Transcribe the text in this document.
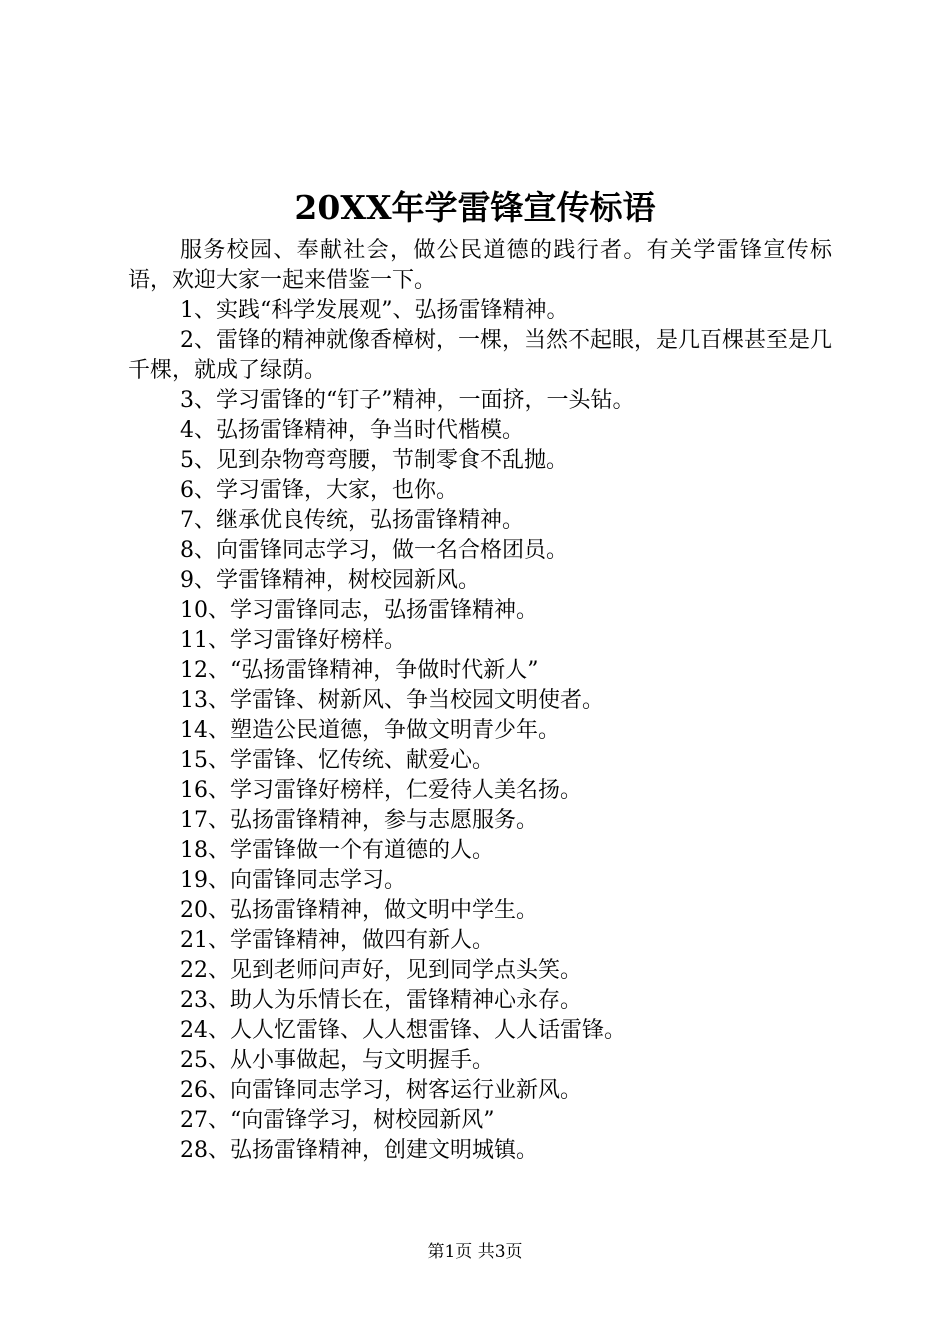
20XX年学雷锋宣传标语

服务校园、奉献社会，做公民道德的践行者。有关学雷锋宣传标语，欢迎大家一起来借鉴一下。

1、实践“科学发展观”、弘扬雷锋精神。
2、雷锋的精神就像香樟树，一棵，当然不起眼，是几百棵甚至是几千棵，就成了绿荫。
3、学习雷锋的“钉子”精神，一面挤，一头钻。
4、弘扬雷锋精神，争当时代楷模。
5、见到杂物弯弯腰，节制零食不乱抛。
6、学习雷锋，大家，也你。
7、继承优良传统，弘扬雷锋精神。
8、向雷锋同志学习，做一名合格团员。
9、学雷锋精神，树校园新风。
10、学习雷锋同志，弘扬雷锋精神。
11、学习雷锋好榜样。
12、“弘扬雷锋精神，争做时代新人”
13、学雷锋、树新风、争当校园文明使者。
14、塑造公民道德，争做文明青少年。
15、学雷锋、忆传统、献爱心。
16、学习雷锋好榜样，仁爱待人美名扬。
17、弘扬雷锋精神，参与志愿服务。
18、学雷锋做一个有道德的人。
19、向雷锋同志学习。
20、弘扬雷锋精神，做文明中学生。
21、学雷锋精神，做四有新人。
22、见到老师问声好，见到同学点头笑。
23、助人为乐情长在，雷锋精神心永存。
24、人人忆雷锋、人人想雷锋、人人话雷锋。
25、从小事做起，与文明握手。
26、向雷锋同志学习，树客运行业新风。
27、“向雷锋学习，树校园新风”
28、弘扬雷锋精神，创建文明城镇。
第1页 共3页
